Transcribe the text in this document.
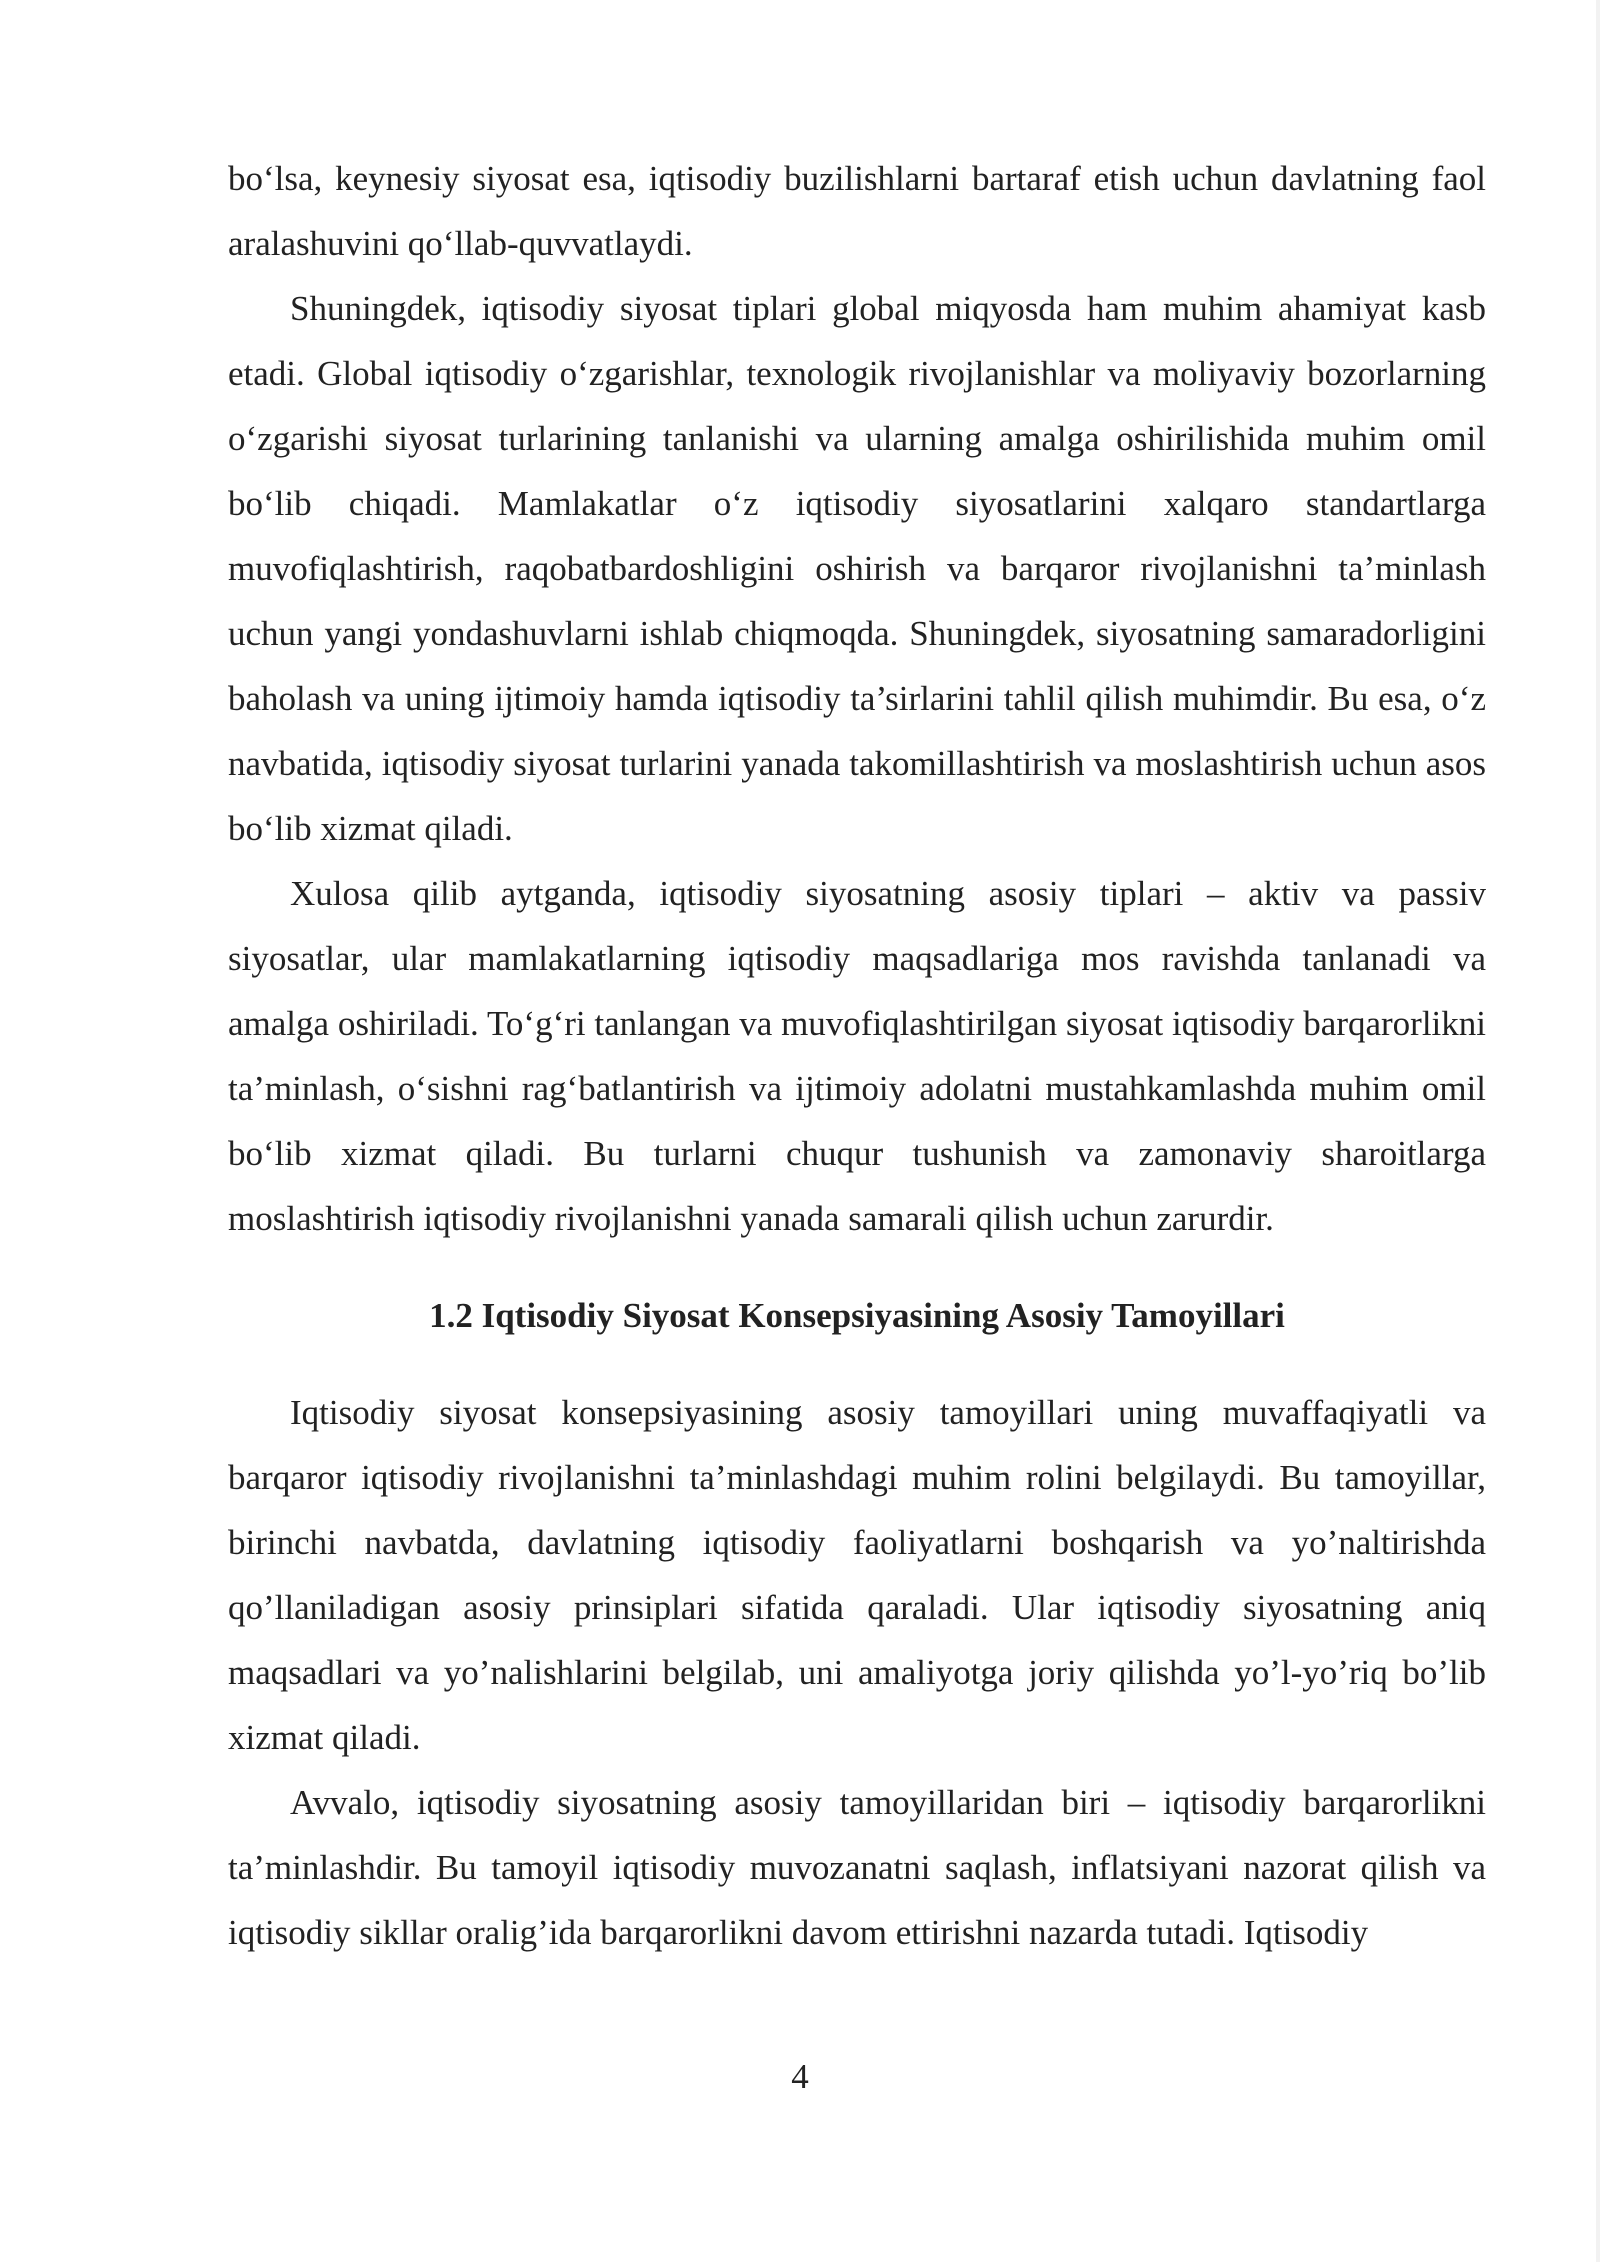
bo‘lsa, keynesiy siyosat esa, iqtisodiy buzilishlarni bartaraf etish uchun davlatning faol aralashuvini qo‘llab-quvvatlaydi.

Shuningdek, iqtisodiy siyosat tiplari global miqyosda ham muhim ahamiyat kasb etadi. Global iqtisodiy o‘zgarishlar, texnologik rivojlanishlar va moliyaviy bozorlarning o‘zgarishi siyosat turlarining tanlanishi va ularning amalga oshirilishida muhim omil bo‘lib chiqadi. Mamlakatlar o‘z iqtisodiy siyosatlarini xalqaro standartlarga muvofiqlashtirish, raqobatbardoshligini oshirish va barqaror rivojlanishni ta’minlash uchun yangi yondashuvlarni ishlab chiqmoqda. Shuningdek, siyosatning samaradorligini baholash va uning ijtimoiy hamda iqtisodiy ta’sirlarini tahlil qilish muhimdir. Bu esa, o‘z navbatida, iqtisodiy siyosat turlarini yanada takomillashtirish va moslashtirish uchun asos bo‘lib xizmat qiladi.

Xulosa qilib aytganda, iqtisodiy siyosatning asosiy tiplari – aktiv va passiv siyosatlar, ular mamlakatlarning iqtisodiy maqsadlariga mos ravishda tanlanadi va amalga oshiriladi. To‘g‘ri tanlangan va muvofiqlashtirilgan siyosat iqtisodiy barqarorlikni ta’minlash, o‘sishni rag‘batlantirish va ijtimoiy adolatni mustahkamlashda muhim omil bo‘lib xizmat qiladi. Bu turlarni chuqur tushunish va zamonaviy sharoitlarga moslashtirish iqtisodiy rivojlanishni yanada samarali qilish uchun zarurdir.

1.2 Iqtisodiy Siyosat Konsepsiyasining Asosiy Tamoyillari

Iqtisodiy siyosat konsepsiyasining asosiy tamoyillari uning muvaffaqiyatli va barqaror iqtisodiy rivojlanishni ta’minlashdagi muhim rolini belgilaydi. Bu tamoyillar, birinchi navbatda, davlatning iqtisodiy faoliyatlarni boshqarish va yo’naltirishda qo’llaniladigan asosiy prinsiplari sifatida qaraladi. Ular iqtisodiy siyosatning aniq maqsadlari va yo’nalishlarini belgilab, uni amaliyotga joriy qilishda yo’l-yo’riq bo’lib xizmat qiladi.

Avvalo, iqtisodiy siyosatning asosiy tamoyillaridan biri – iqtisodiy barqarorlikni ta’minlashdir. Bu tamoyil iqtisodiy muvozanatni saqlash, inflatsiyani nazorat qilish va iqtisodiy sikllar oralig’ida barqarorlikni davom ettirishni nazarda tutadi. Iqtisodiy

4
